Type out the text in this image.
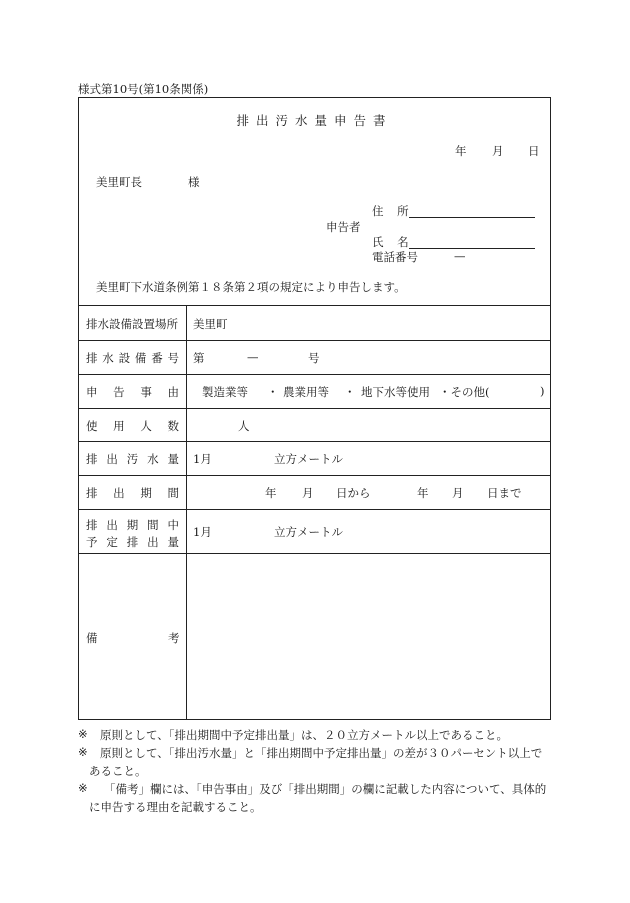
様式第10号(第10条関係)
排出汚水量申告書
年 月 日
美里町長	様
申告者
住 所
氏 名
電話番号	—
美里町下水道条例第１８条第２項の規定により申告します。
排水設備設置場所 美里町
排 水 設 備 番 号 第	—	号
申 告 事 由 製造業等 ・ 農業用等 ・ 地下水等使用 ・その他(	)
使 用 人 数	人
排 出 汚 水 量 1月	立方メートル
排 出 期 間	年 月 日から	年 月 日まで
排 出 期 間 中
予 定 排 出 量
1月	立方メートル
備	考
※ 原則として、「排出期間中予定排出量」は、２０立方メートル以上であること。
※ 原則として、「排出汚水量」と「排出期間中予定排出量」の差が３０パーセント以上で
あること。
※ 「備考」欄には、「申告事由」及び「排出期間」の欄に記載した内容について、具体的
に申告する理由を記載すること。
